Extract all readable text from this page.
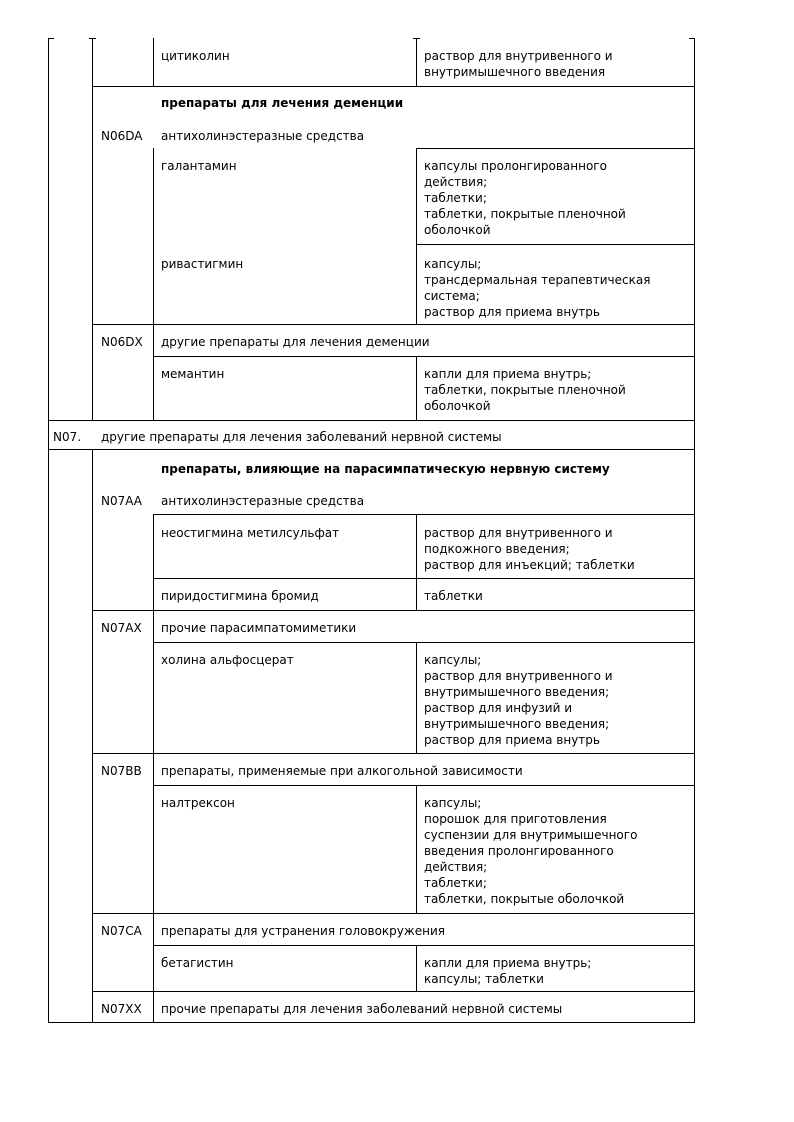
цитиколин	раствор для внутривенного и
внутримышечного введения
препараты для лечения деменции
N06DA антихолинэстеразные средства
галантамин	капсулы пролонгированного
действия;
таблетки;
таблетки, покрытые пленочной
оболочкой
ривастигмин	капсулы;
трансдермальная терапевтическая
система;
раствор для приема внутрь
N06DX другие препараты для лечения деменции
мемантин	капли для приема внутрь;
таблетки, покрытые пленочной
оболочкой
N07. другие препараты для лечения заболеваний нервной системы
препараты, влияющие на парасимпатическую нервную систему
N07AA антихолинэстеразные средства
неостигмина метилсульфат	раствор для внутривенного и
подкожного введения;
раствор для инъекций; таблетки
пиридостигмина бромид	таблетки
N07AX прочие парасимпатомиметики
холина альфосцерат	капсулы;
раствор для внутривенного и
внутримышечного введения;
раствор для инфузий и
внутримышечного введения;
раствор для приема внутрь
N07BB препараты, применяемые при алкогольной зависимости
налтрексон	капсулы;
порошок для приготовления
суспензии для внутримышечного
введения пролонгированного
действия;
таблетки;
таблетки, покрытые оболочкой
N07CA препараты для устранения головокружения
бетагистин	капли для приема внутрь;
капсулы; таблетки
N07XX прочие препараты для лечения заболеваний нервной системы
